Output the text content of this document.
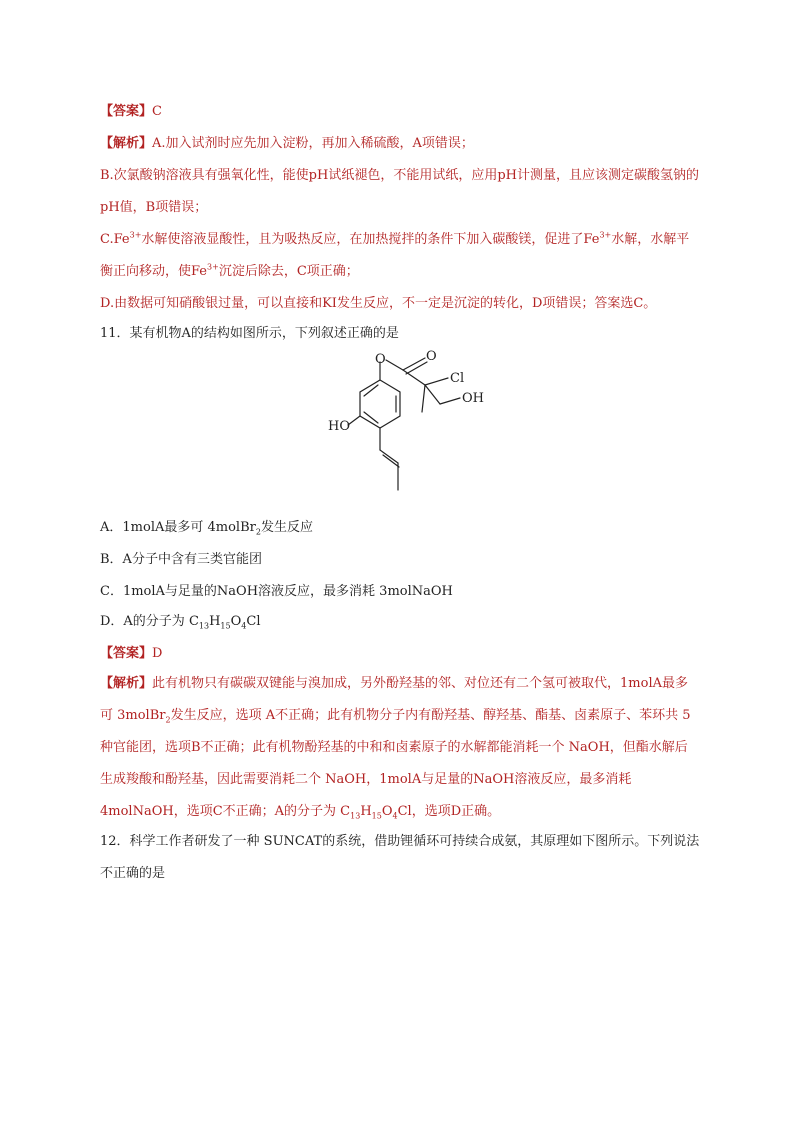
【答案】C

【解析】A.加入试剂时应先加入淀粉，再加入稀硫酸，A项错误；

B.次氯酸钠溶液具有强氧化性，能使pH试纸褪色，不能用试纸，应用pH计测量，且应该测定碳酸氢钠的pH值，B项错误；

$C.Fe^{3+}$水解使溶液显酸性，且为吸热反应，在加热搅拌的条件下加入碳酸镁，促进了$Fe^{3+}$水解，水解平衡正向移动，使$Fe^{3+}$沉淀后除去，C项正确；

D.由数据可知硝酸银过量，可以直接和KI发生反应，不一定是沉淀的转化，D项错误；答案选C。

11．某有机物A的结构如图所示，下列叙述正确的是

O	O
Cl
OH
HO

A．1molA最多可 4molBr$_2$发生反应

B．A分子中含有三类官能团

C．1molA与足量的NaOH溶液反应，最多消耗 3molNaOH

D．A的分子为 $C_{13}H_{15}O_4Cl$

【答案】D

【解析】此有机物只有碳碳双键能与溴加成，另外酚羟基的邻、对位还有二个氢可被取代，1molA最多可 3molBr$_2$发生反应，选项 A不正确；此有机物分子内有酚羟基、醇羟基、酯基、卤素原子、苯环共 5种官能团，选项B不正确；此有机物酚羟基的中和和卤素原子的水解都能消耗一个 NaOH，但酯水解后生成羧酸和酚羟基，因此需要消耗二个 NaOH，1molA与足量的NaOH溶液反应，最多消耗 4molNaOH，选项C不正确；A的分子为 $C_{13}H_{15}O_4Cl$，选项D正确。

12．科学工作者研发了一种 SUNCAT的系统，借助锂循环可持续合成氨，其原理如下图所示。下列说法不正确的是
